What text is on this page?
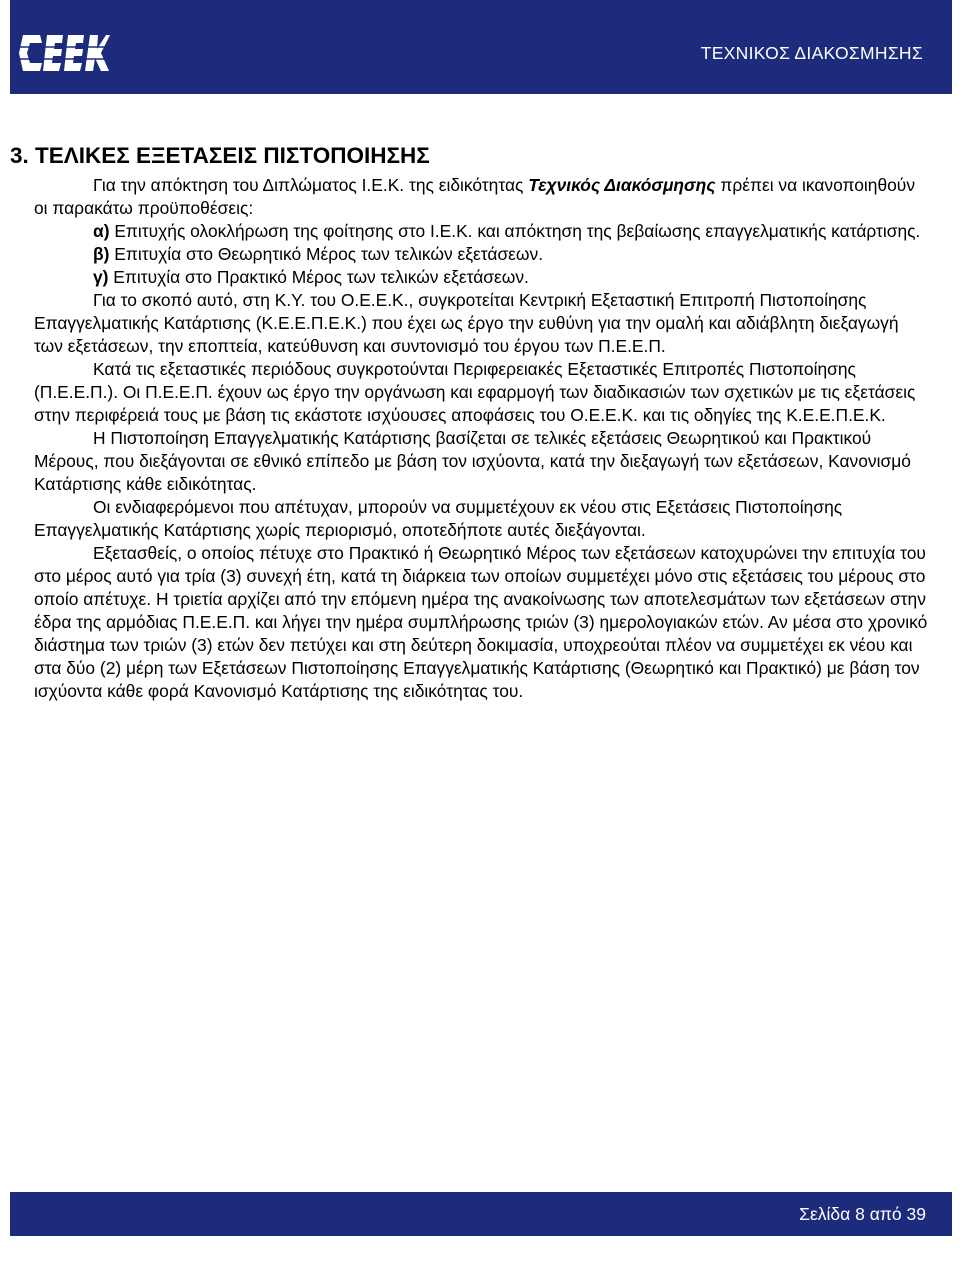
ΤΕΧΝΙΚΟΣ ΔΙΑΚΟΣΜΗΣΗΣ
3. ΤΕΛΙΚΕΣ ΕΞΕΤΑΣΕΙΣ ΠΙΣΤΟΠΟΙΗΣΗΣ

Για την απόκτηση του Διπλώματος Ι.Ε.Κ. της ειδικότητας Τεχνικός Διακόσμησης πρέπει να ικανοποιηθούν οι παρακάτω προϋποθέσεις:

α) Επιτυχής ολοκλήρωση της φοίτησης στο Ι.Ε.Κ. και απόκτηση της βεβαίωσης επαγγελματικής κατάρτισης.

β) Επιτυχία στο Θεωρητικό Μέρος των τελικών εξετάσεων.

γ) Επιτυχία στο Πρακτικό Μέρος των τελικών εξετάσεων.

Για το σκοπό αυτό, στη Κ.Υ. του Ο.Ε.Ε.Κ., συγκροτείται Κεντρική Εξεταστική Επιτροπή Πιστοποίησης Επαγγελματικής Κατάρτισης (Κ.Ε.Ε.Π.Ε.Κ.) που έχει ως έργο την ευθύνη για την ομαλή και αδιάβλητη διεξαγωγή των εξετάσεων, την εποπτεία, κατεύθυνση και συντονισμό του έργου των Π.Ε.Ε.Π.

Κατά τις εξεταστικές περιόδους συγκροτούνται Περιφερειακές Εξεταστικές Επιτροπές Πιστοποίησης (Π.Ε.Ε.Π.). Οι Π.Ε.Ε.Π. έχουν ως έργο την οργάνωση και εφαρμογή των διαδικασιών των σχετικών με τις εξετάσεις στην περιφέρειά τους με βάση τις εκάστοτε ισχύουσες αποφάσεις του Ο.Ε.Ε.Κ. και τις οδηγίες της Κ.Ε.Ε.Π.Ε.Κ.

Η Πιστοποίηση Επαγγελματικής Κατάρτισης βασίζεται σε τελικές εξετάσεις Θεωρητικού και Πρακτικού Μέρους, που διεξάγονται σε εθνικό επίπεδο με βάση τον ισχύοντα, κατά την διεξαγωγή των εξετάσεων, Κανονισμό Κατάρτισης κάθε ειδικότητας.

Οι ενδιαφερόμενοι που απέτυχαν, μπορούν να συμμετέχουν εκ νέου στις Εξετάσεις Πιστοποίησης Επαγγελματικής Κατάρτισης χωρίς περιορισμό, οποτεδήποτε αυτές διεξάγονται.

Εξετασθείς, ο οποίος πέτυχε στο Πρακτικό ή Θεωρητικό Μέρος των εξετάσεων κατοχυρώνει την επιτυχία του στο μέρος αυτό για τρία (3) συνεχή έτη, κατά τη διάρκεια των οποίων συμμετέχει μόνο στις εξετάσεις του μέρους στο οποίο απέτυχε. Η τριετία αρχίζει από την επόμενη ημέρα της ανακοίνωσης των αποτελεσμάτων των εξετάσεων στην έδρα της αρμόδιας Π.Ε.Ε.Π. και λήγει την ημέρα συμπλήρωσης τριών (3) ημερολογιακών ετών. Αν μέσα στο χρονικό διάστημα των τριών (3) ετών δεν πετύχει και στη δεύτερη δοκιμασία, υποχρεούται πλέον να συμμετέχει εκ νέου και στα δύο (2) μέρη των Εξετάσεων Πιστοποίησης Επαγγελματικής Κατάρτισης (Θεωρητικό και Πρακτικό) με βάση τον ισχύοντα κάθε φορά Κανονισμό Κατάρτισης της ειδικότητας του.

Σελίδα 8 από 39
